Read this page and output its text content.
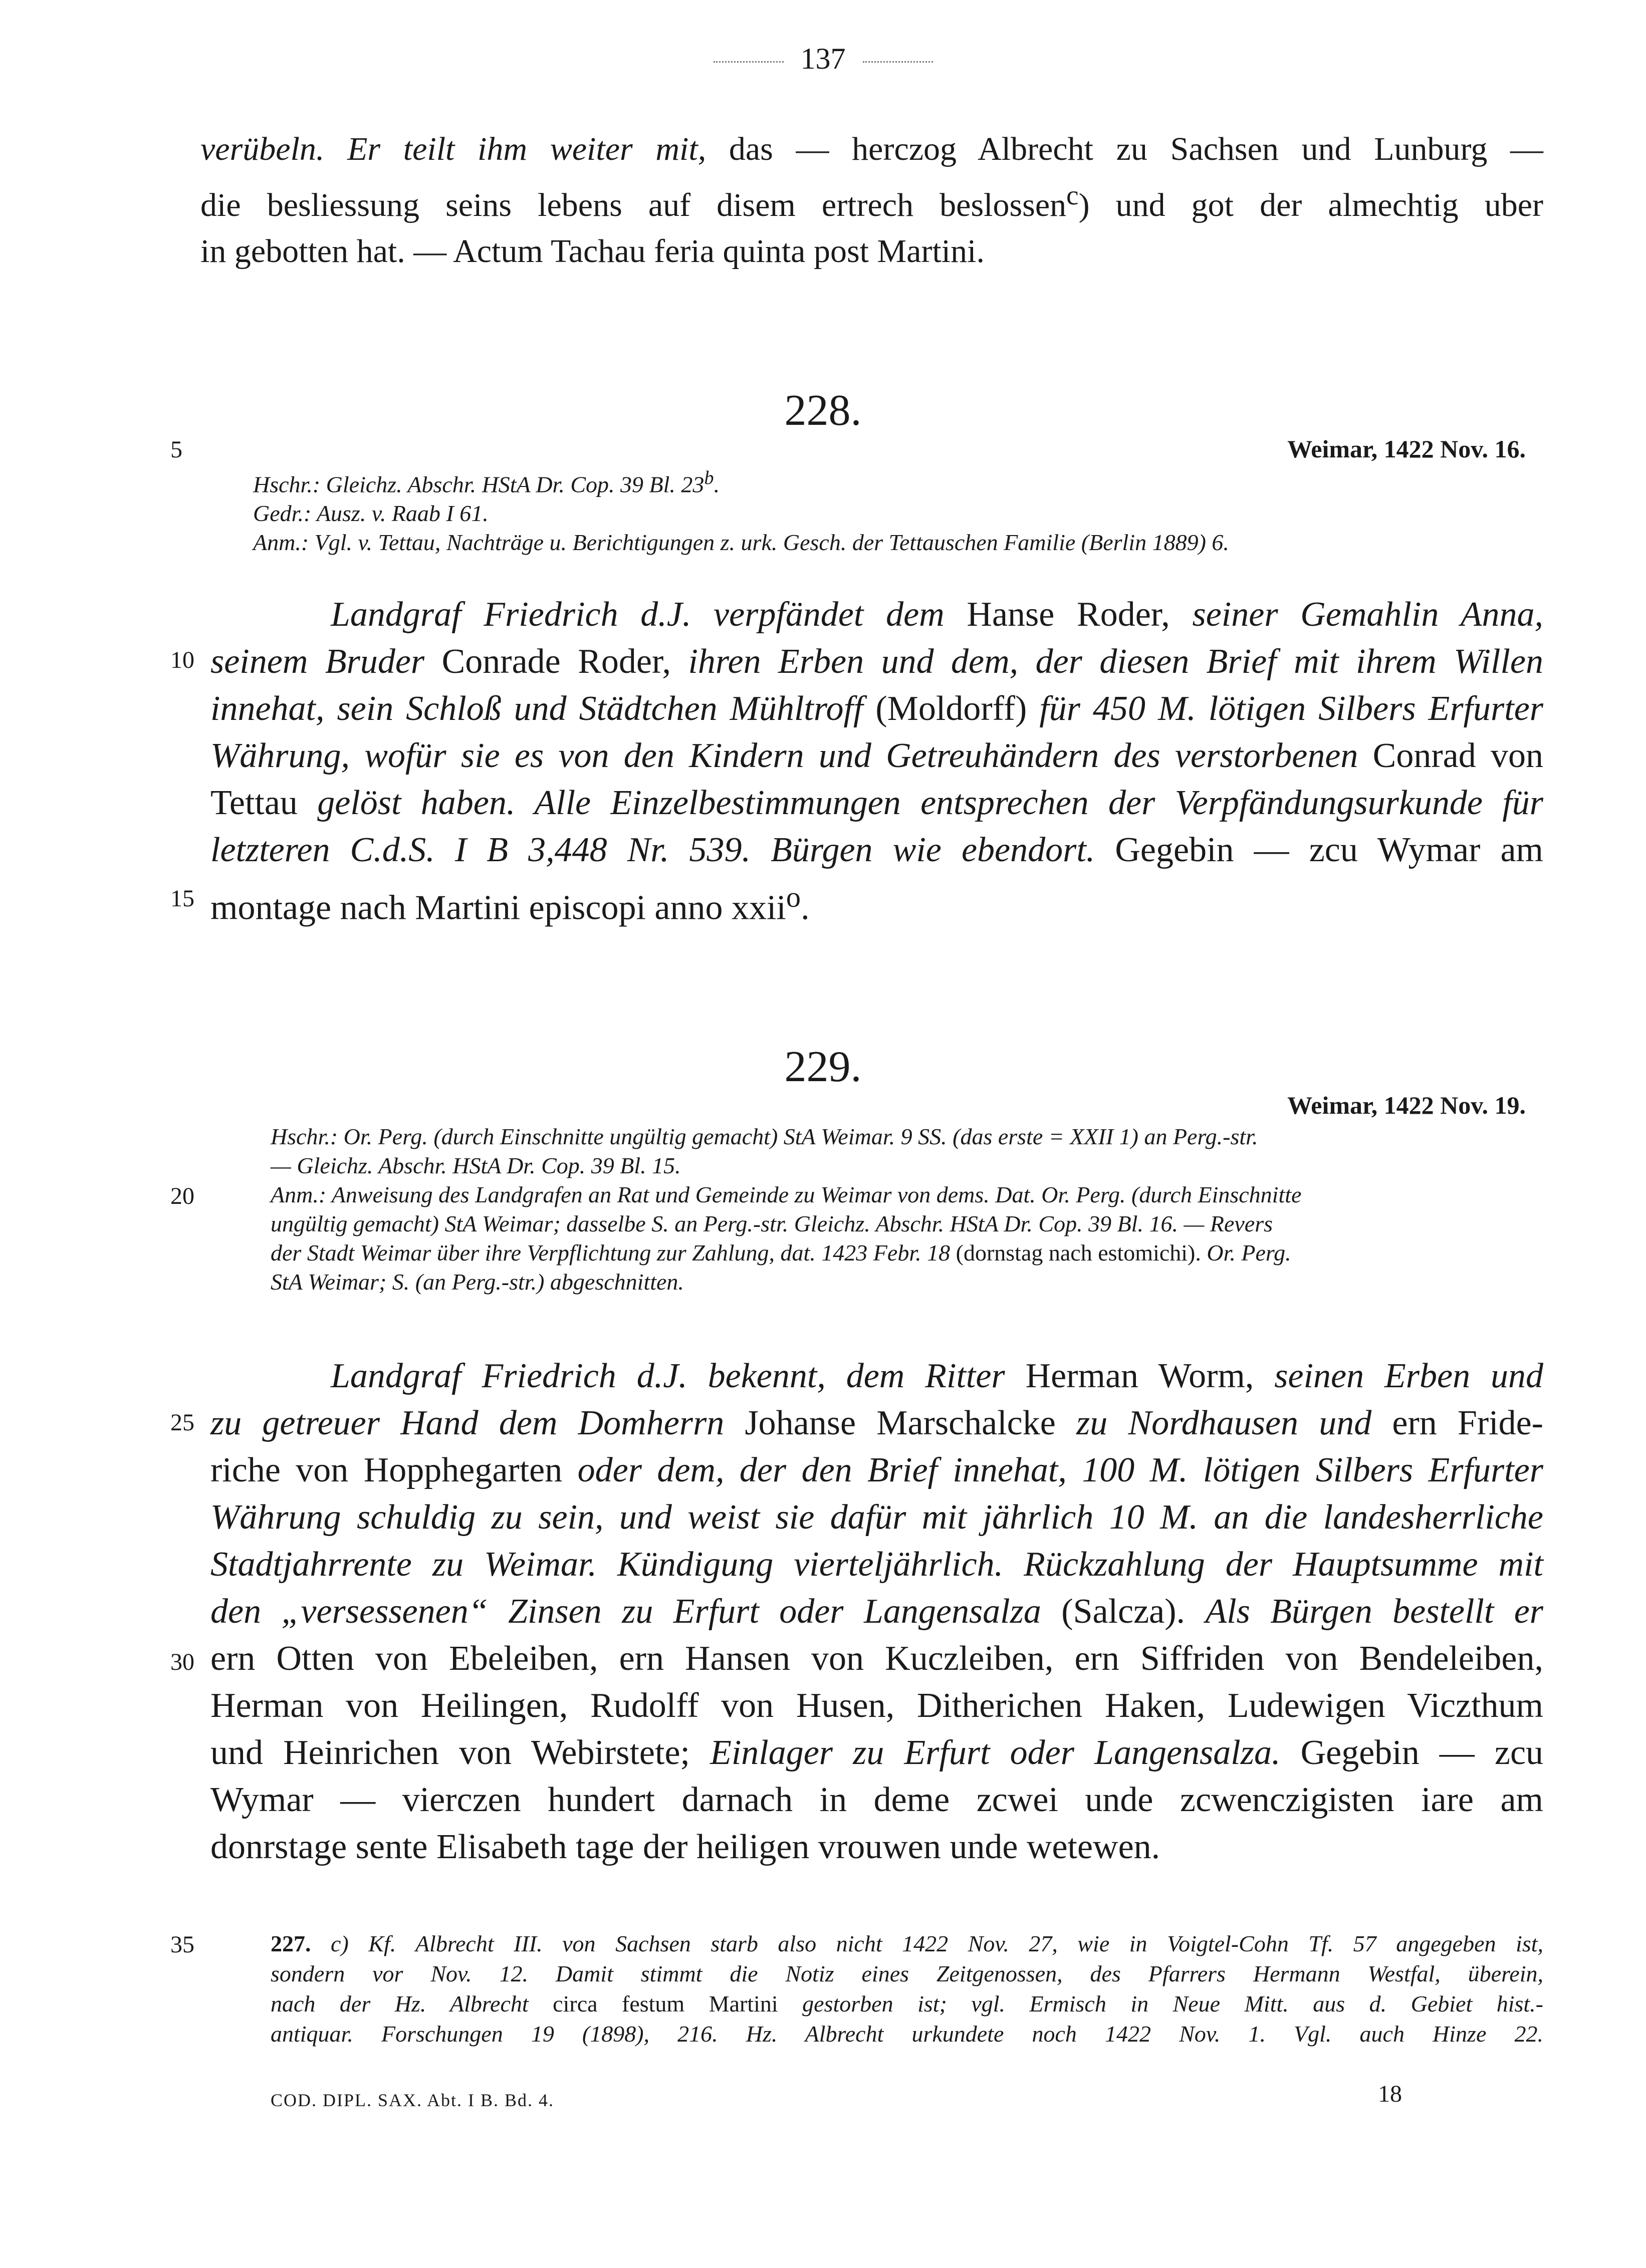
137
verübeln. Er teilt ihm weiter mit, das — herczog Albrecht zu Sachsen und Lunburg —
die besliessung seins lebens auf disem ertrech beslossen$^c$) und got der almechtig uber
in gebotten hat. — Actum Tachau feria quinta post Martini.
228.
5	Weimar, 1422 Nov. 16.
Hschr.: Gleichz. Abschr. HStA Dr. Cop. 39 Bl. 23$^b$.
Gedr.: Ausz. v. Raab I 61.
Anm.: Vgl. v. Tettau, Nachträge u. Berichtigungen z. urk. Gesch. der Tettauschen Familie (Berlin 1889) 6.
10
15
Landgraf Friedrich d.J. verpfändet dem Hanse Roder, seiner Gemahlin Anna,
seinem Bruder Conrade Roder, ihren Erben und dem, der diesen Brief mit ihrem Willen
innehat, sein Schloß und Städtchen Mühltroff (Moldorff) für 450 M. lötigen Silbers Erfurter
Währung, wofür sie es von den Kindern und Getreuhändern des verstorbenen Conrad von
Tettau gelöst haben. Alle Einzelbestimmungen entsprechen der Verpfändungsurkunde für
letzteren C.d.S. I B 3,448 Nr. 539. Bürgen wie ebendort. Gegebin — zcu Wymar am
montage nach Martini episcopi anno xxii$^o$.
229.
Weimar, 1422 Nov. 19.
Hschr.: Or. Perg. (durch Einschnitte ungültig gemacht) StA Weimar. 9 SS. (das erste = XXII 1) an Perg.-str.
— Gleichz. Abschr. HStA Dr. Cop. 39 Bl. 15.
Anm.: Anweisung des Landgrafen an Rat und Gemeinde zu Weimar von dems. Dat. Or. Perg. (durch Einschnitte
ungültig gemacht) StA Weimar; dasselbe S. an Perg.-str. Gleichz. Abschr. HStA Dr. Cop. 39 Bl. 16. — Revers
der Stadt Weimar über ihre Verpflichtung zur Zahlung, dat. 1423 Febr. 18 (dornstag nach estomichi). Or. Perg.
StA Weimar; S. (an Perg.-str.) abgeschnitten.
20
25
30
Landgraf Friedrich d.J. bekennt, dem Ritter Herman Worm, seinen Erben und
zu getreuer Hand dem Domherrn Johanse Marschalcke zu Nordhausen und ern Fride-
riche von Hopphegarten oder dem, der den Brief innehat, 100 M. lötigen Silbers Erfurter
Währung schuldig zu sein, und weist sie dafür mit jährlich 10 M. an die landesherrliche
Stadtjahrrente zu Weimar. Kündigung vierteljährlich. Rückzahlung der Hauptsumme mit
den „versessenen“ Zinsen zu Erfurt oder Langensalza (Salcza). Als Bürgen bestellt er
ern Otten von Ebeleiben, ern Hansen von Kuczleiben, ern Siffriden von Bendeleiben,
Herman von Heilingen, Rudolff von Husen, Ditherichen Haken, Ludewigen Viczthum
und Heinrichen von Webirstete; Einlager zu Erfurt oder Langensalza. Gegebin — zcu
Wymar — vierczen hundert darnach in deme zcwei unde zcwenczigisten iare am
donrstage sente Elisabeth tage der heiligen vrouwen unde wetewen.
35	227. c) Kf. Albrecht III. von Sachsen starb also nicht 1422 Nov. 27, wie in Voigtel-Cohn Tf. 57 angegeben ist,
sondern vor Nov. 12. Damit stimmt die Notiz eines Zeitgenossen, des Pfarrers Hermann Westfal, überein,
nach der Hz. Albrecht circa festum Martini gestorben ist; vgl. Ermisch in Neue Mitt. aus d. Gebiet hist.-
antiquar. Forschungen 19 (1898), 216. Hz. Albrecht urkundete noch 1422 Nov. 1. Vgl. auch Hinze 22.
COD. DIPL. SAX. Abt. I B. Bd. 4.	18
